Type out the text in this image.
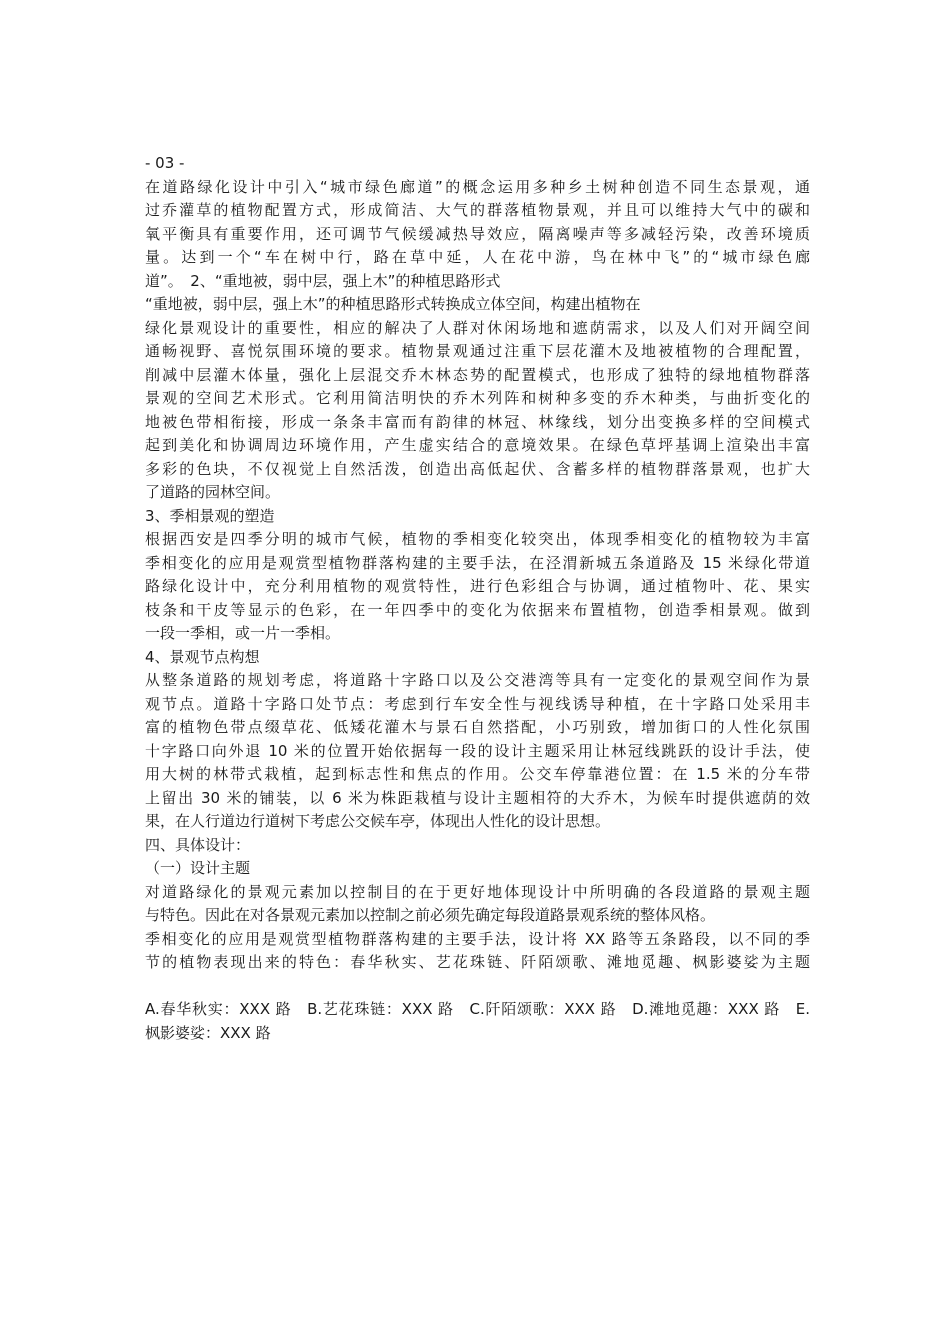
- 03 -
在道路绿化设计中引入“城市绿色廊道”的概念运用多种乡土树种创造不同生态景观，通
过乔灌草的植物配置方式，形成简洁、大气的群落植物景观，并且可以维持大气中的碳和
氧平衡具有重要作用，还可调节气候缓减热导效应，隔离噪声等多减轻污染，改善环境质
量。达到一个“车在树中行，路在草中延，人在花中游，鸟在林中飞”的“城市绿色廊
道”。　2、“重地被，弱中层，强上木”的种植思路形式
“重地被，弱中层，强上木”的种植思路形式转换成立体空间，构建出植物在
绿化景观设计的重要性，相应的解决了人群对休闲场地和遮荫需求，以及人们对开阔空间
通畅视野、喜悦氛围环境的要求。植物景观通过注重下层花灌木及地被植物的合理配置，
削减中层灌木体量，强化上层混交乔木林态势的配置模式，也形成了独特的绿地植物群落
景观的空间艺术形式。它利用简洁明快的乔木列阵和树种多变的乔木种类，与曲折变化的
地被色带相衔接，形成一条条丰富而有韵律的林冠、林缘线，划分出变换多样的空间模式
起到美化和协调周边环境作用，产生虚实结合的意境效果。在绿色草坪基调上渲染出丰富
多彩的色块，不仅视觉上自然活泼，创造出高低起伏、含蓄多样的植物群落景观，也扩大
了道路的园林空间。
3、季相景观的塑造
根据西安是四季分明的城市气候，植物的季相变化较突出，体现季相变化的植物较为丰富
季相变化的应用是观赏型植物群落构建的主要手法，在泾渭新城五条道路及 15 米绿化带道
路绿化设计中，充分利用植物的观赏特性，进行色彩组合与协调，通过植物叶、花、果实
枝条和干皮等显示的色彩，在一年四季中的变化为依据来布置植物，创造季相景观。做到
一段一季相，或一片一季相。
4、景观节点构想
从整条道路的规划考虑，将道路十字路口以及公交港湾等具有一定变化的景观空间作为景
观节点。道路十字路口处节点：考虑到行车安全性与视线诱导种植，在十字路口处采用丰
富的植物色带点缀草花、低矮花灌木与景石自然搭配，小巧别致，增加街口的人性化氛围
十字路口向外退 10 米的位置开始依据每一段的设计主题采用让林冠线跳跃的设计手法，使
用大树的林带式栽植，起到标志性和焦点的作用。公交车停靠港位置：在 1.5 米的分车带
上留出 30 米的铺装，以 6 米为株距栽植与设计主题相符的大乔木，为候车时提供遮荫的效
果，在人行道边行道树下考虑公交候车亭，体现出人性化的设计思想。
四、具体设计：
（一）设计主题
对道路绿化的景观元素加以控制目的在于更好地体现设计中所明确的各段道路的景观主题
与特色。因此在对各景观元素加以控制之前必须先确定每段道路景观系统的整体风格。
季相变化的应用是观赏型植物群落构建的主要手法，设计将 XX 路等五条路段，以不同的季
节的植物表现出来的特色：春华秋实、艺花珠链、阡陌颂歌、滩地觅趣、枫影婆娑为主题
A.春华秋实：XXX 路　B.艺花珠链：XXX 路　C.阡陌颂歌：XXX 路　D.滩地觅趣：XXX 路　E.
枫影婆娑：XXX 路
